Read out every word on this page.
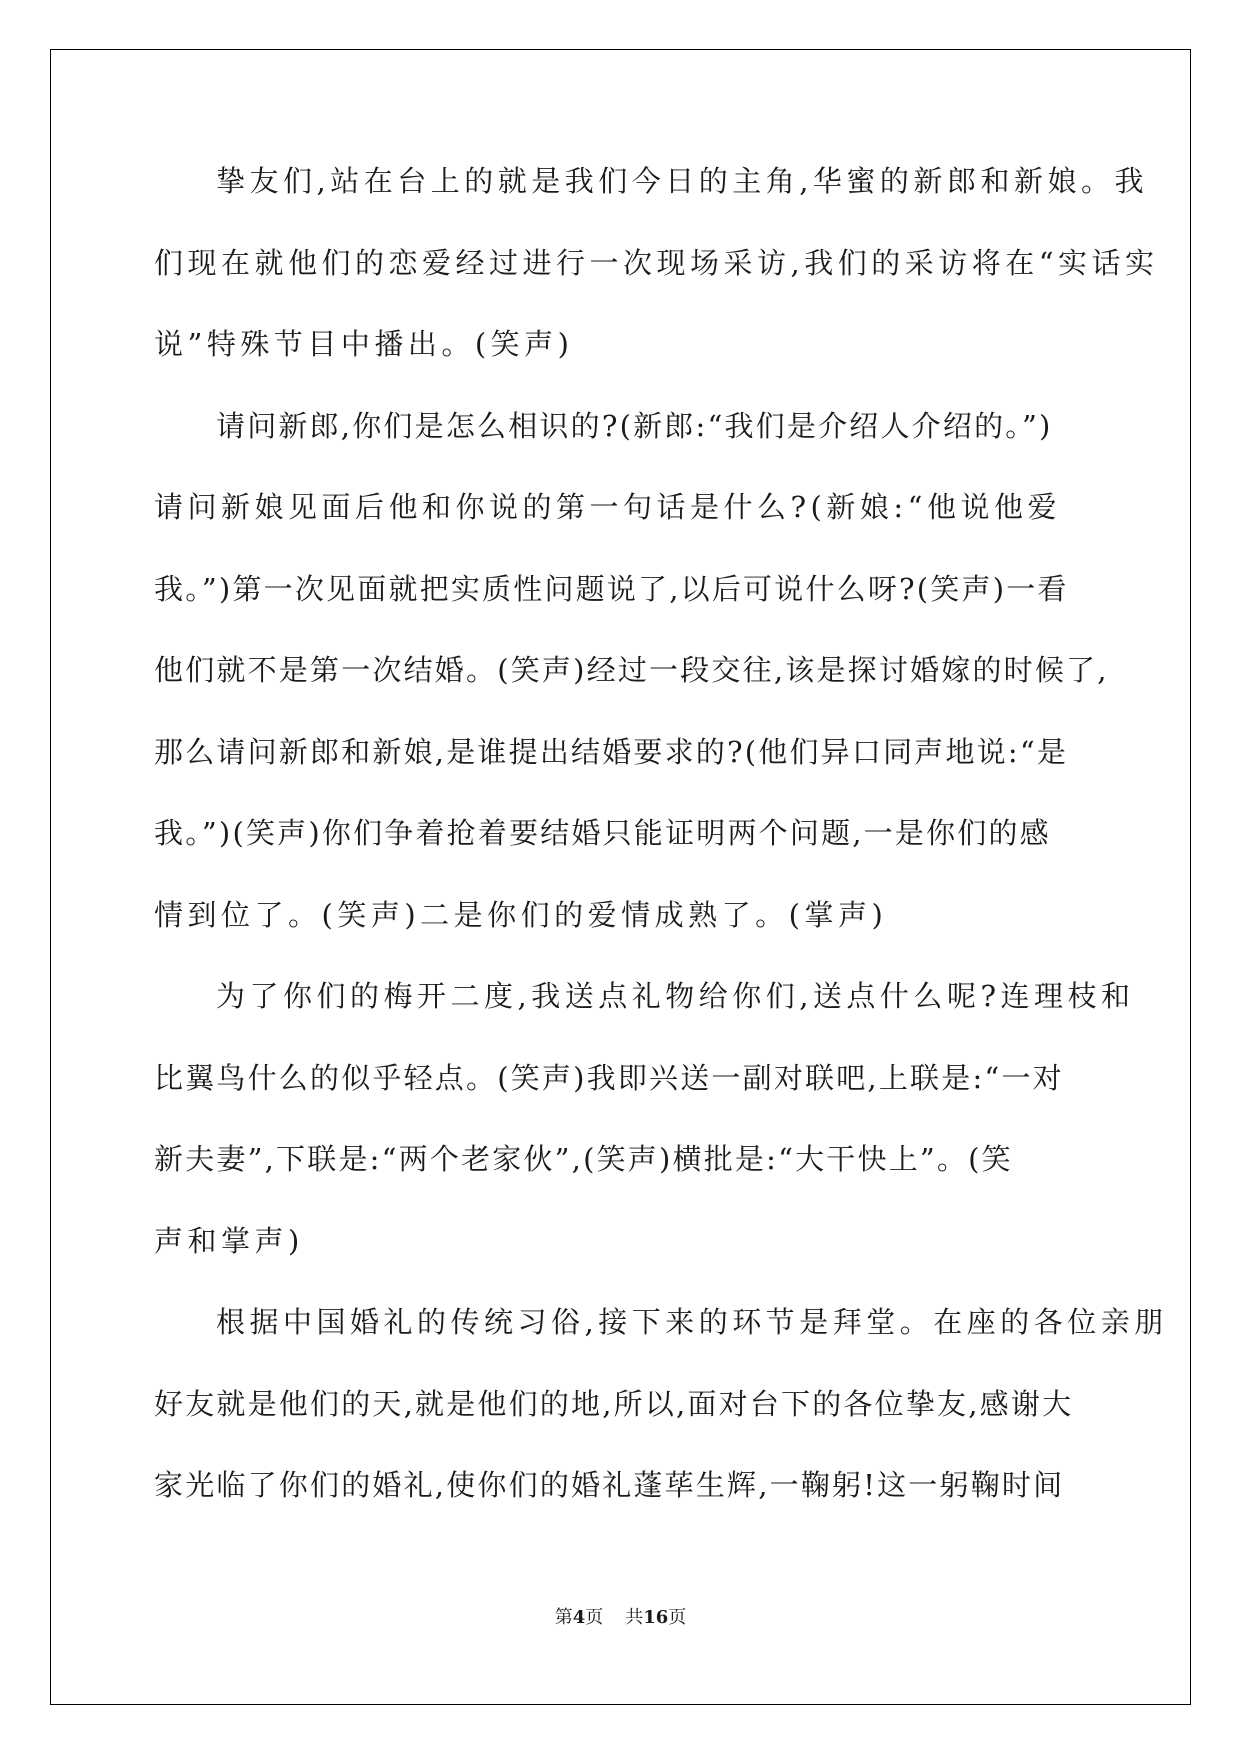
挚友们,站在台上的就是我们今日的主角,华蜜的新郎和新娘。我
们现在就他们的恋爱经过进行一次现场采访,我们的采访将在“实话实
说”特殊节目中播出。(笑声)
请问新郎,你们是怎么相识的?(新郎:“我们是介绍人介绍的。”)
请问新娘见面后他和你说的第一句话是什么?(新娘:“他说他爱
我。”)第一次见面就把实质性问题说了,以后可说什么呀?(笑声)一看
他们就不是第一次结婚。(笑声)经过一段交往,该是探讨婚嫁的时候了,
那么请问新郎和新娘,是谁提出结婚要求的?(他们异口同声地说:“是
我。”)(笑声)你们争着抢着要结婚只能证明两个问题,一是你们的感
情到位了。(笑声)二是你们的爱情成熟了。(掌声)
为了你们的梅开二度,我送点礼物给你们,送点什么呢?连理枝和
比翼鸟什么的似乎轻点。(笑声)我即兴送一副对联吧,上联是:“一对
新夫妻”,下联是:“两个老家伙”,(笑声)横批是:“大干快上”。(笑
声和掌声)
根据中国婚礼的传统习俗,接下来的环节是拜堂。在座的各位亲朋
好友就是他们的天,就是他们的地,所以,面对台下的各位挚友,感谢大
家光临了你们的婚礼,使你们的婚礼蓬荜生辉,一鞠躬!这一躬鞠时间
第4页 共16页
